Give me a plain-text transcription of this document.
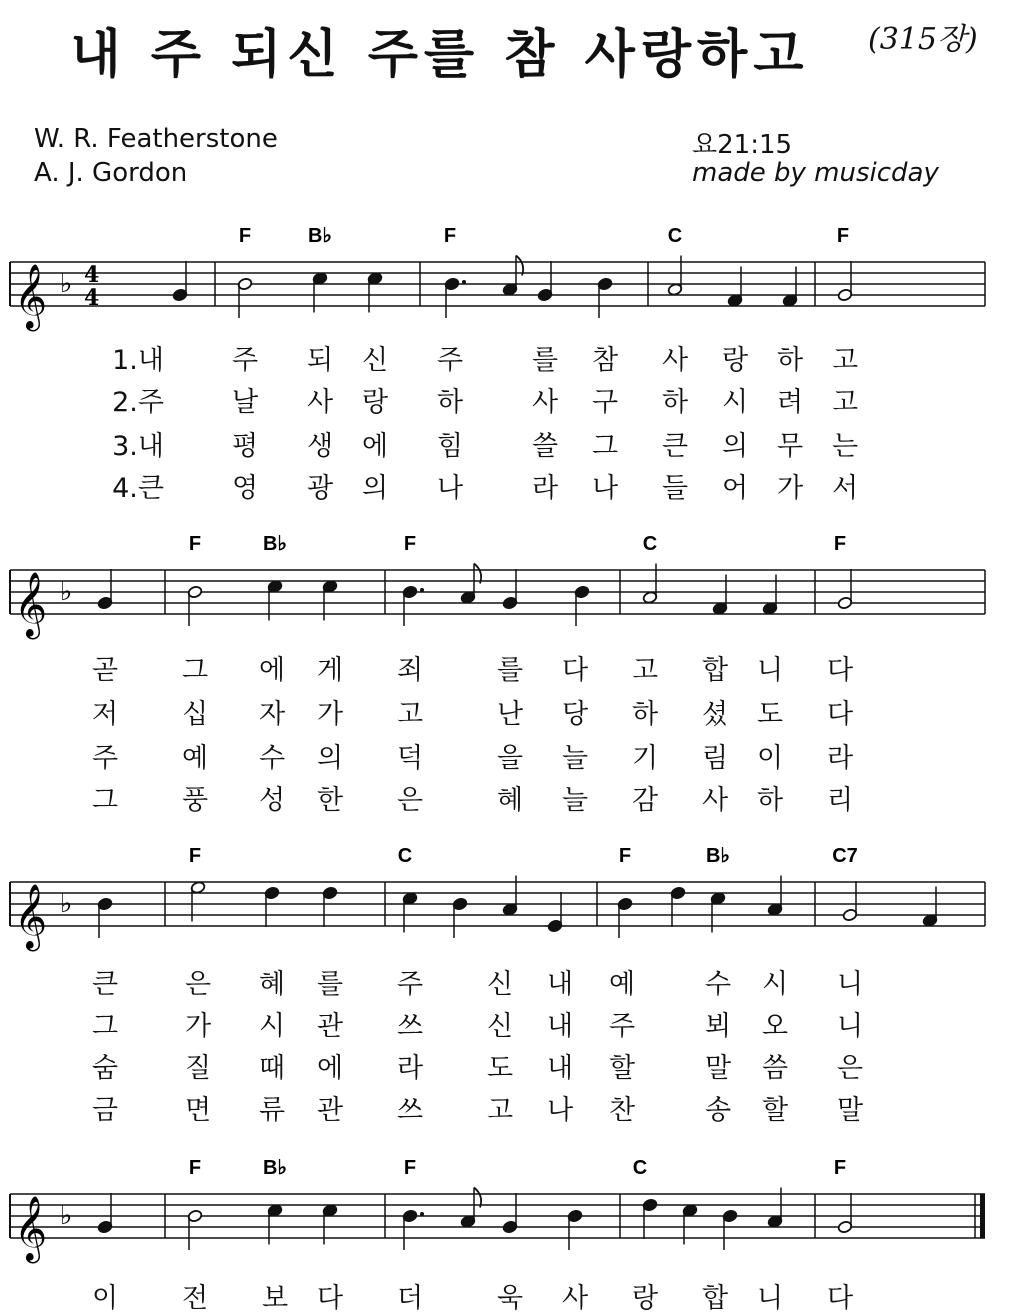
내 주 되신 주를 참 사랑하고	(315장)
W. R. Featherstone
A. J. Gordon
요21:15
made by musicday
𝄞 ♭ 4
4
F	B♭	F	C	F
𝄞 ♭
F	B♭	F	C	F
𝄞 ♭
F	C	F	B♭	C7
𝄞 ♭
F	B♭	F	C	F
1.내	주 되 신 주	를 참 사 랑 하 고
2.주	날 사 랑 하	사 구 하 시 려 고
3.내	평 생 에 힘	쓸 그 큰 의 무 는
4.큰	영 광 의 나	라 나 들 어 가 서
곧 그 에 게 죄	를 다 고 합 니 다
저 십 자 가 고	난 당 하 셨 도 다
주 예 수 의 덕	을 늘 기 림 이 라
그 풍 성 한 은	혜 늘 감 사 하 리
큰 은 혜 를 주 신 내 예	수 시 니
그 가 시 관 쓰 신 내 주	뵈 오 니
숨 질 때 에 라 도 내 할	말 씀 은
금 면 류 관 쓰 고 나 찬	송 할 말
이 전 보 다 더	욱 사 랑 합 니 다
